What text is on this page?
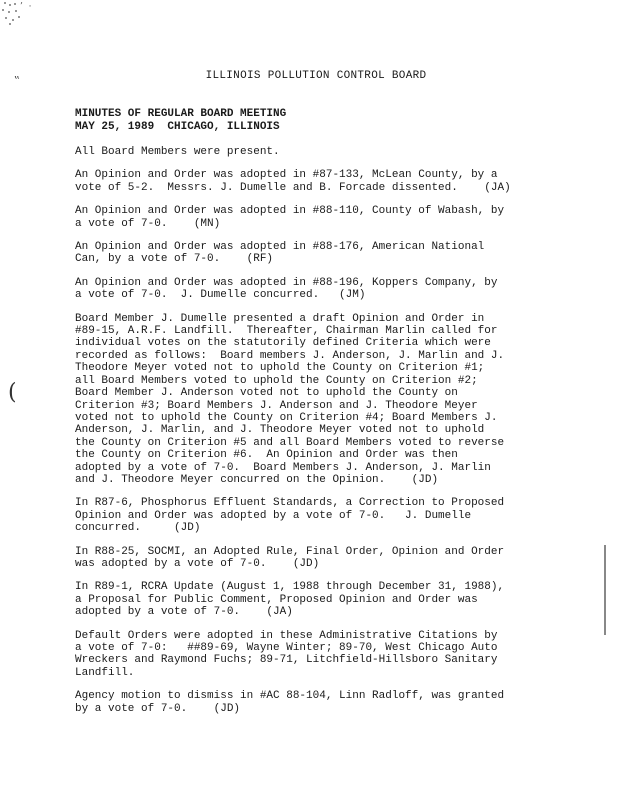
’  ·
‟
(
ILLINOIS POLLUTION CONTROL BOARD
MINUTES OF REGULAR BOARD MEETING
MAY 25, 1989  CHICAGO, ILLINOIS

All Board Members were present.

An Opinion and Order was adopted in #87-133, McLean County, by a
vote of 5-2.  Messrs. J. Dumelle and B. Forcade dissented.    (JA)

An Opinion and Order was adopted in #88-110, County of Wabash, by
a vote of 7-0.    (MN)

An Opinion and Order was adopted in #88-176, American National
Can, by a vote of 7-0.    (RF)

An Opinion and Order was adopted in #88-196, Koppers Company, by
a vote of 7-0.  J. Dumelle concurred.   (JM)

Board Member J. Dumelle presented a draft Opinion and Order in
#89-15, A.R.F. Landfill.  Thereafter, Chairman Marlin called for
individual votes on the statutorily defined Criteria which were
recorded as follows:  Board members J. Anderson, J. Marlin and J.
Theodore Meyer voted not to uphold the County on Criterion #1;
all Board Members voted to uphold the County on Criterion #2;
Board Member J. Anderson voted not to uphold the County on
Criterion #3; Board Members J. Anderson and J. Theodore Meyer
voted not to uphold the County on Criterion #4; Board Members J.
Anderson, J. Marlin, and J. Theodore Meyer voted not to uphold
the County on Criterion #5 and all Board Members voted to reverse
the County on Criterion #6.  An Opinion and Order was then
adopted by a vote of 7-0.  Board Members J. Anderson, J. Marlin
and J. Theodore Meyer concurred on the Opinion.    (JD)

In R87-6, Phosphorus Effluent Standards, a Correction to Proposed
Opinion and Order was adopted by a vote of 7-0.   J. Dumelle
concurred.     (JD)

In R88-25, SOCMI, an Adopted Rule, Final Order, Opinion and Order
was adopted by a vote of 7-0.    (JD)

In R89-1, RCRA Update (August 1, 1988 through December 31, 1988),
a Proposal for Public Comment, Proposed Opinion and Order was
adopted by a vote of 7-0.    (JA)

Default Orders were adopted in these Administrative Citations by
a vote of 7-0:   ##89-69, Wayne Winter; 89-70, West Chicago Auto
Wreckers and Raymond Fuchs; 89-71, Litchfield-Hillsboro Sanitary
Landfill.

Agency motion to dismiss in #AC 88-104, Linn Radloff, was granted
by a vote of 7-0.    (JD)
